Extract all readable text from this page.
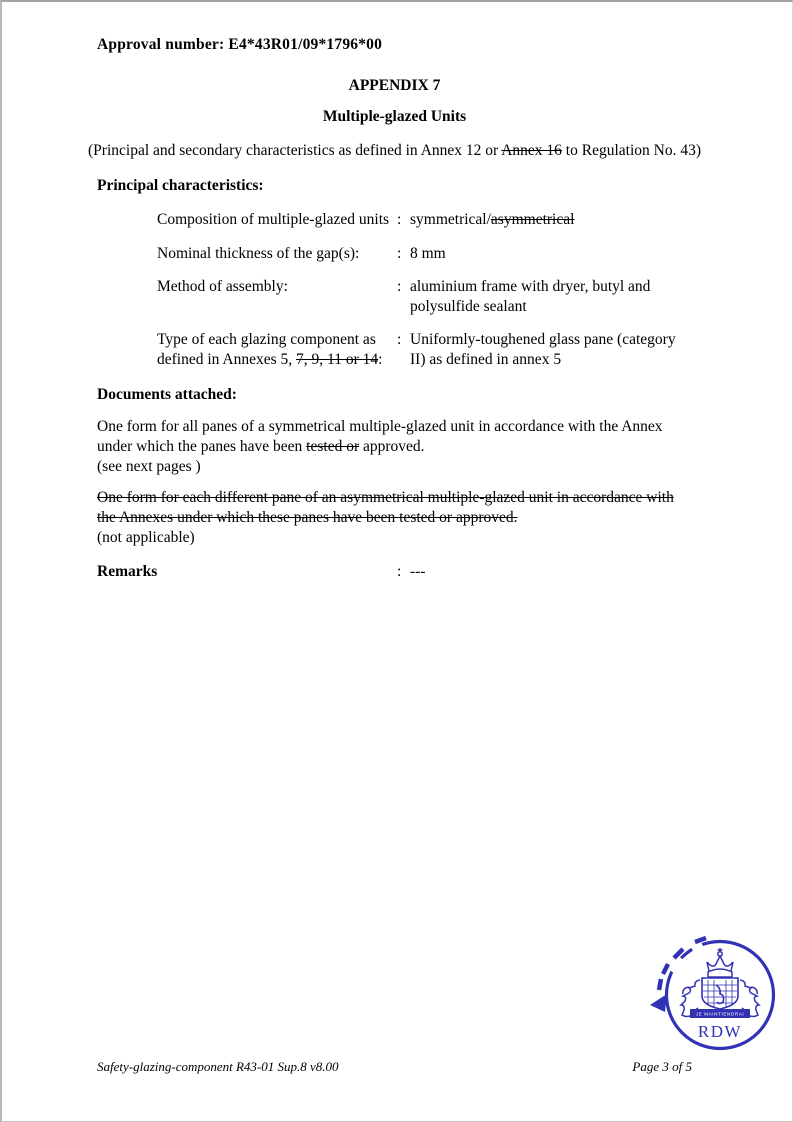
Approval number: E4*43R01/09*1796*00
APPENDIX 7
Multiple-glazed Units
(Principal and secondary characteristics as defined in Annex 12 or Annex 16 to Regulation No. 43)
Principal characteristics:
Composition of multiple-glazed units : symmetrical/asymmetrical
Nominal thickness of the gap(s):	: 8 mm
Method of assembly:	: aluminium frame with dryer, butyl and polysulfide sealant
Type of each glazing component as defined in Annexes 5, 7, 9, 11 or 14:
: Uniformly-toughened glass pane (category II) as defined in annex 5
Documents attached:
One form for all panes of a symmetrical multiple-glazed unit in accordance with the Annex under which the panes have been tested or approved.
(see next pages )
One form for each different pane of an asymmetrical multiple-glazed unit in accordance with the Annexes under which these panes have been tested or approved.
(not applicable)
Remarks	: ---
JE MAINTIENDRAI
RDW
Safety-glazing-component R43-01 Sup.8 v8.00	Page 3 of 5
